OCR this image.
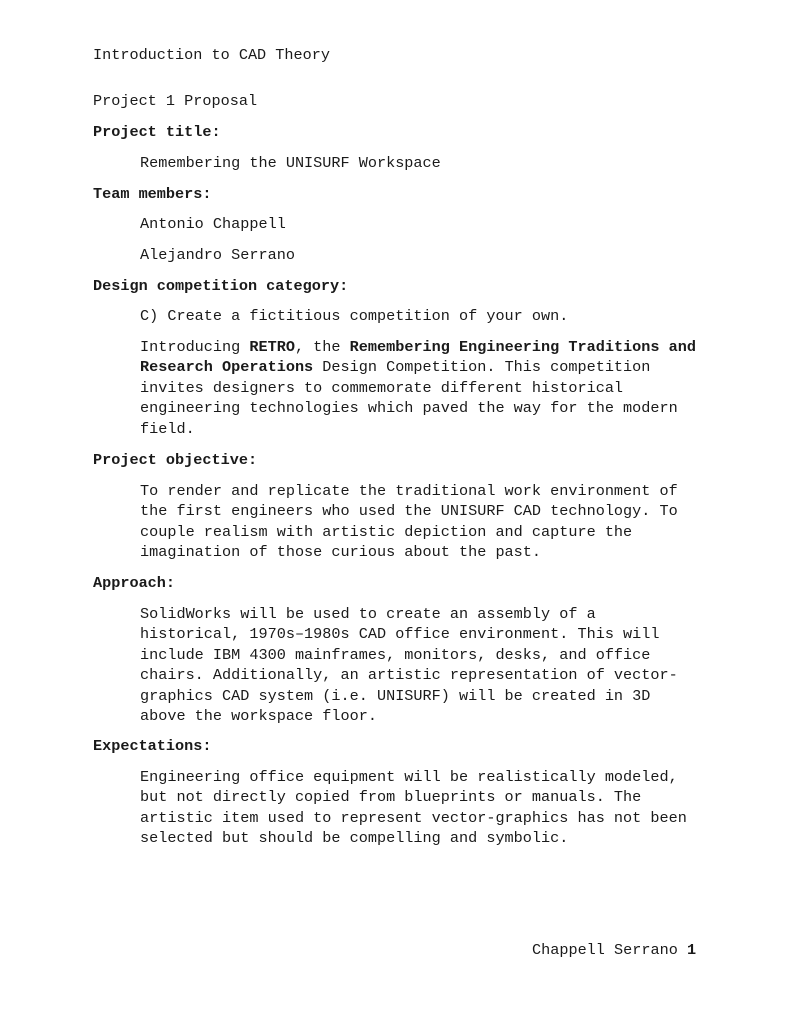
Introduction to CAD Theory
Project 1 Proposal
Project title:
Remembering the UNISURF Workspace
Team members:
Antonio Chappell
Alejandro Serrano
Design competition category:
C) Create a fictitious competition of your own.

Introducing RETRO, the Remembering Engineering Traditions and Research Operations Design Competition. This competition invites designers to commemorate different historical engineering technologies which paved the way for the modern field.

Project objective:

To render and replicate the traditional work environment of the first engineers who used the UNISURF CAD technology. To couple realism with artistic depiction and capture the imagination of those curious about the past.

Approach:

SolidWorks will be used to create an assembly of a historical, 1970s–1980s CAD office environment. This will include IBM 4300 mainframes, monitors, desks, and office chairs. Additionally, an artistic representation of vector-graphics CAD system (i.e. UNISURF) will be created in 3D above the workspace floor.

Expectations:

Engineering office equipment will be realistically modeled, but not directly copied from blueprints or manuals. The artistic item used to represent vector-graphics has not been selected but should be compelling and symbolic.

Chappell Serrano 1
